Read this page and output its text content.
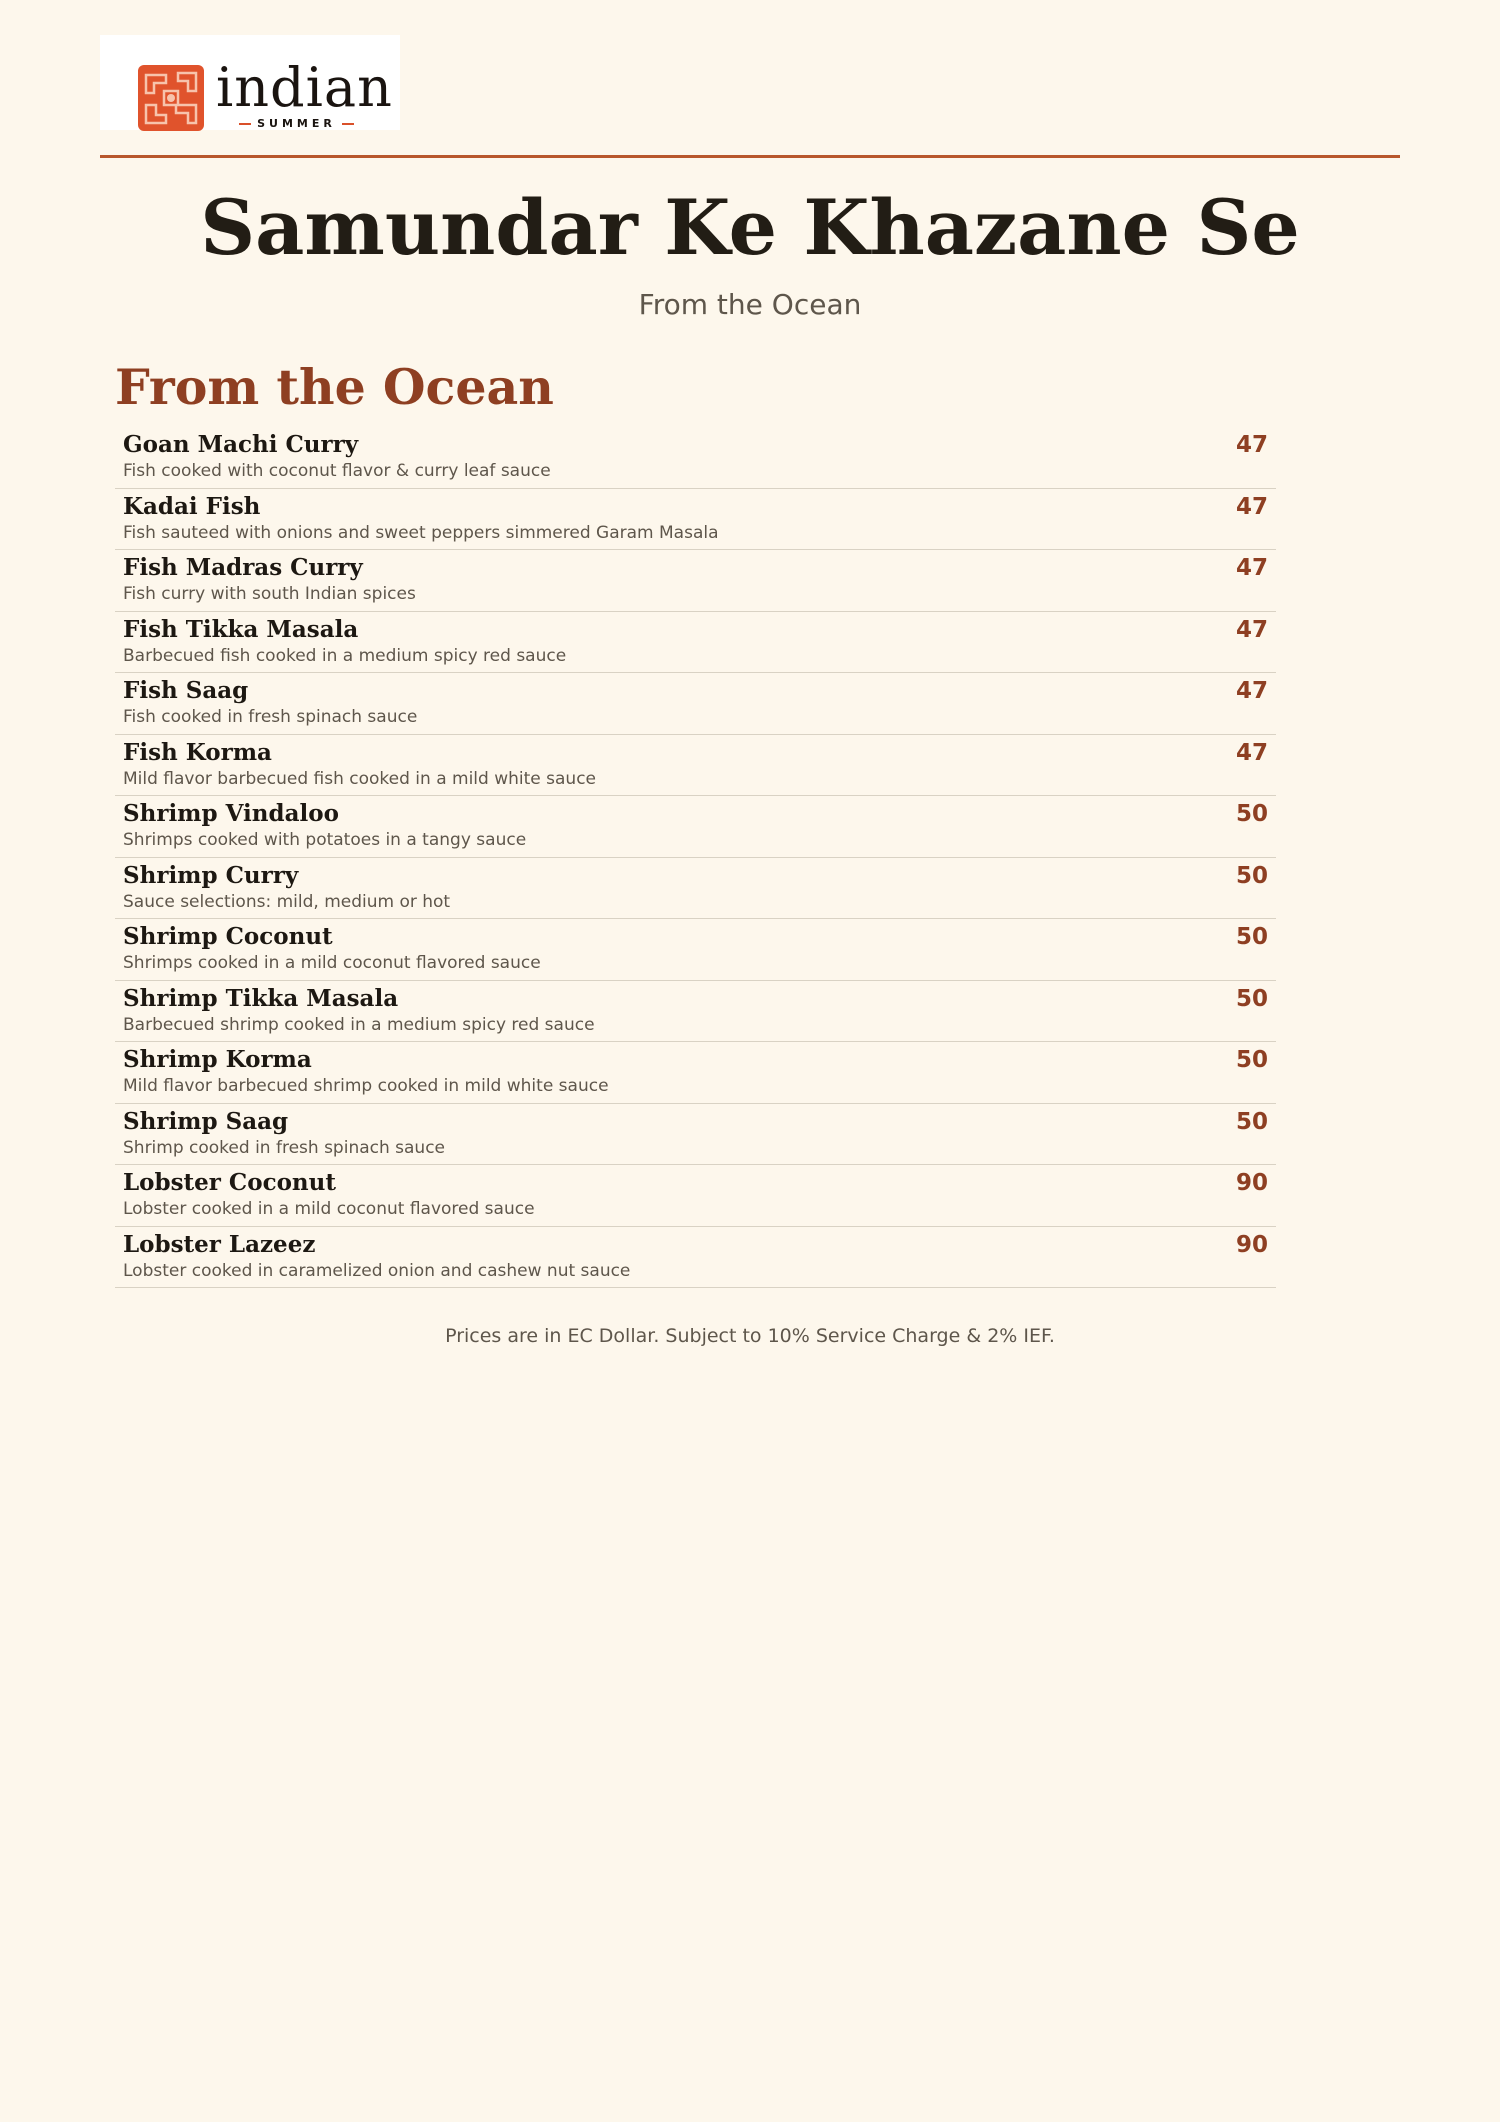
indian
SUMMER
Samundar Ke Khazane Se
From the Ocean
From the Ocean
Goan Machi Curry
Fish cooked with coconut flavor & curry leaf sauce
47
Kadai Fish
Fish sauteed with onions and sweet peppers simmered Garam Masala
47
Fish Madras Curry
Fish curry with south Indian spices
47
Fish Tikka Masala
Barbecued fish cooked in a medium spicy red sauce
47
Fish Saag
Fish cooked in fresh spinach sauce
47
Fish Korma
Mild flavor barbecued fish cooked in a mild white sauce
47
Shrimp Vindaloo
Shrimps cooked with potatoes in a tangy sauce
50
Shrimp Curry
Sauce selections: mild, medium or hot
50
Shrimp Coconut
Shrimps cooked in a mild coconut flavored sauce
50
Shrimp Tikka Masala
Barbecued shrimp cooked in a medium spicy red sauce
50
Shrimp Korma
Mild flavor barbecued shrimp cooked in mild white sauce
50
Shrimp Saag
Shrimp cooked in fresh spinach sauce
50
Lobster Coconut
Lobster cooked in a mild coconut flavored sauce
90
Lobster Lazeez
Lobster cooked in caramelized onion and cashew nut sauce
90
Prices are in EC Dollar. Subject to 10% Service Charge & 2% IEF.
